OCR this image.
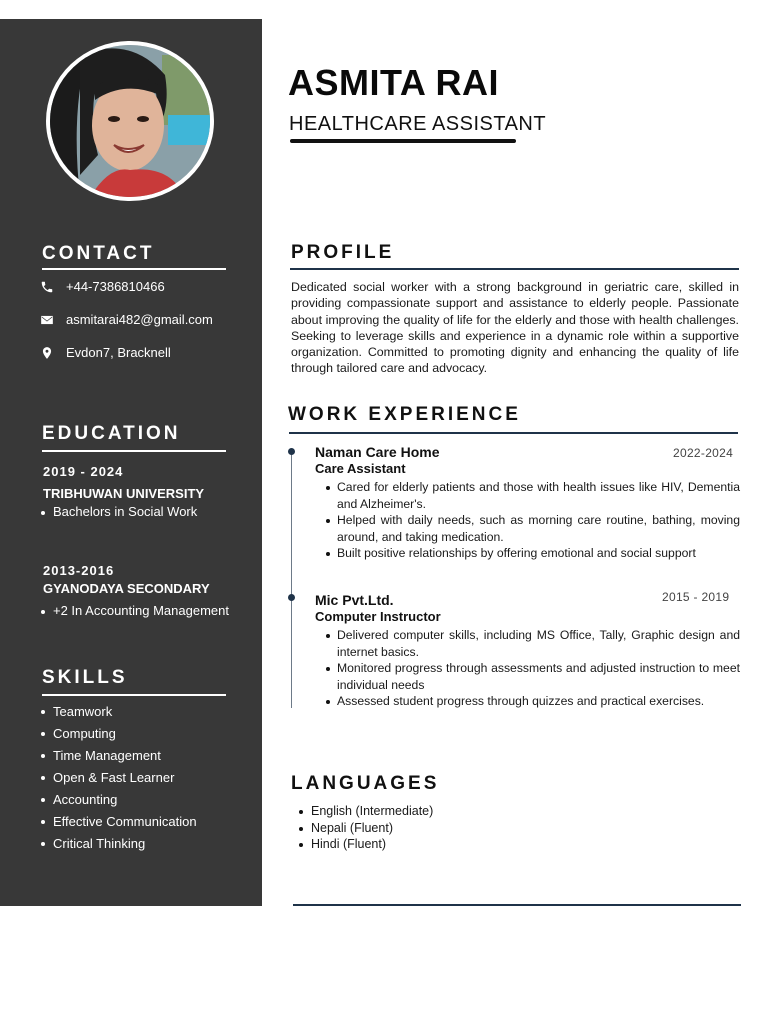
CONTACT
+44-7386810466
asmitarai482@gmail.com
Evdon7, Bracknell
EDUCATION
2019 - 2024
TRIBHUWAN UNIVERSITY
Bachelors in Social Work
2013-2016
GYANODAYA SECONDARY
+2 In Accounting Management
SKILLS
Teamwork
Computing
Time Management
Open & Fast Learner
Accounting
Effective Communication
Critical Thinking
ASMITA RAI
HEALTHCARE ASSISTANT
PROFILE
Dedicated social worker with a strong background in geriatric care, skilled in providing compassionate support and assistance to elderly people. Passionate about improving the quality of life for the elderly and those with health challenges. Seeking to leverage skills and experience in a dynamic role within a supportive organization. Committed to promoting dignity and enhancing the quality of life through tailored care and advocacy.
WORK EXPERIENCE
Naman Care Home	2022-2024
Care Assistant
Cared for elderly patients and those with health issues like HIV, Dementia and Alzheimer's.
Helped with daily needs, such as morning care routine, bathing, moving around, and taking medication.
Built positive relationships by offering emotional and social support
Mic Pvt.Ltd.	2015 - 2019
Computer Instructor
Delivered computer skills, including MS Office, Tally, Graphic design and internet basics.
Monitored progress through assessments and adjusted instruction to meet individual needs
Assessed student progress through quizzes and practical exercises.
LANGUAGES
English (Intermediate)
Nepali (Fluent)
Hindi (Fluent)
